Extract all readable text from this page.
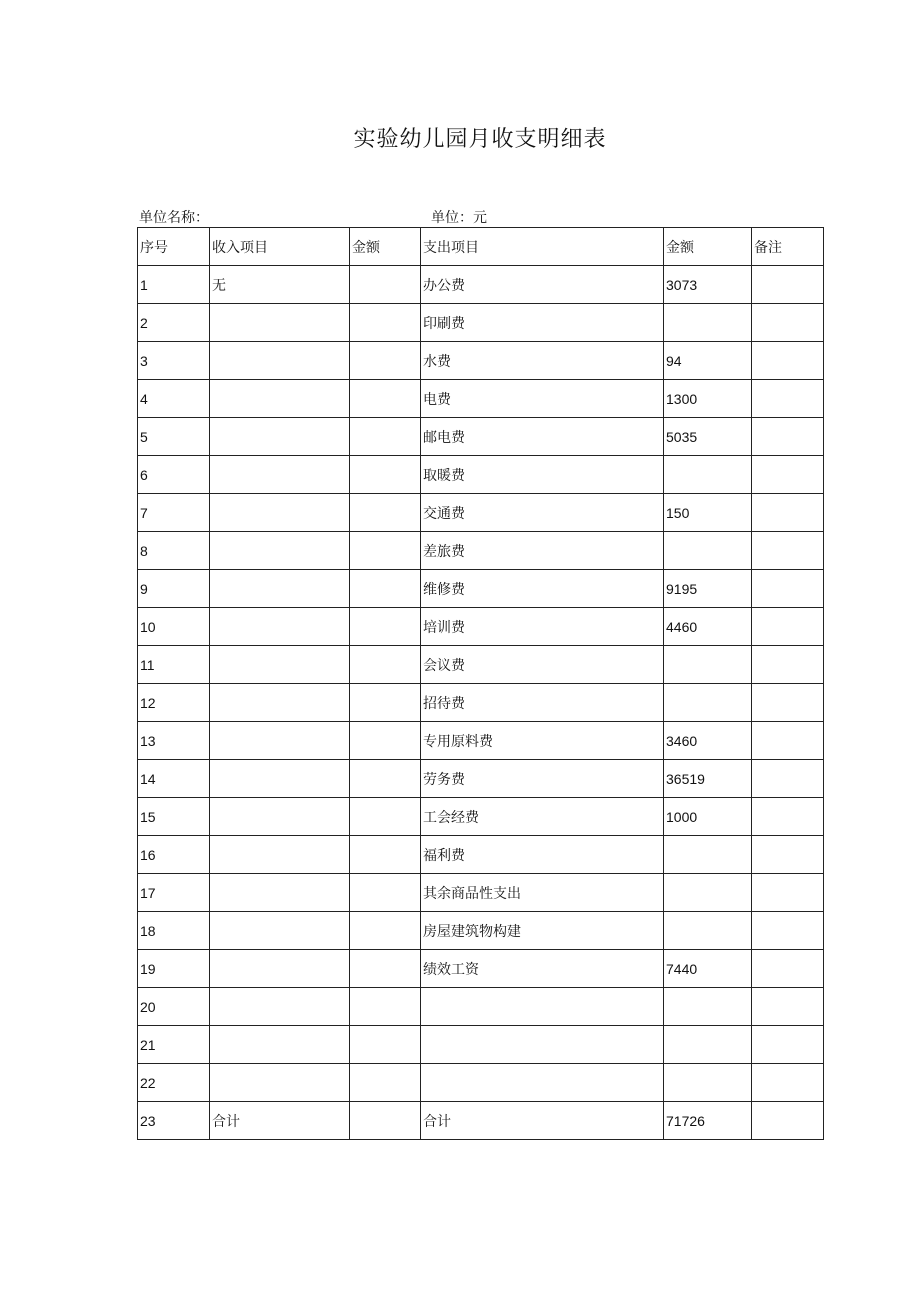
实验幼儿园月收支明细表
单位名称：	单位：元
序号	收入项目	金额	支出项目	金额	备注
1	无		办公费	3073	
2			印刷费		
3			水费	94	
4			电费	1300	
5			邮电费	5035	
6			取暖费		
7			交通费	150	
8			差旅费		
9			维修费	9195	
10			培训费	4460	
11			会议费		
12			招待费		
13			专用原料费	3460	
14			劳务费	36519	
15			工会经费	1000	
16			福利费		
17			其余商品性支出		
18			房屋建筑物构建		
19			绩效工资	7440	
20					
21					
22					
23	合计		合计	71726	
